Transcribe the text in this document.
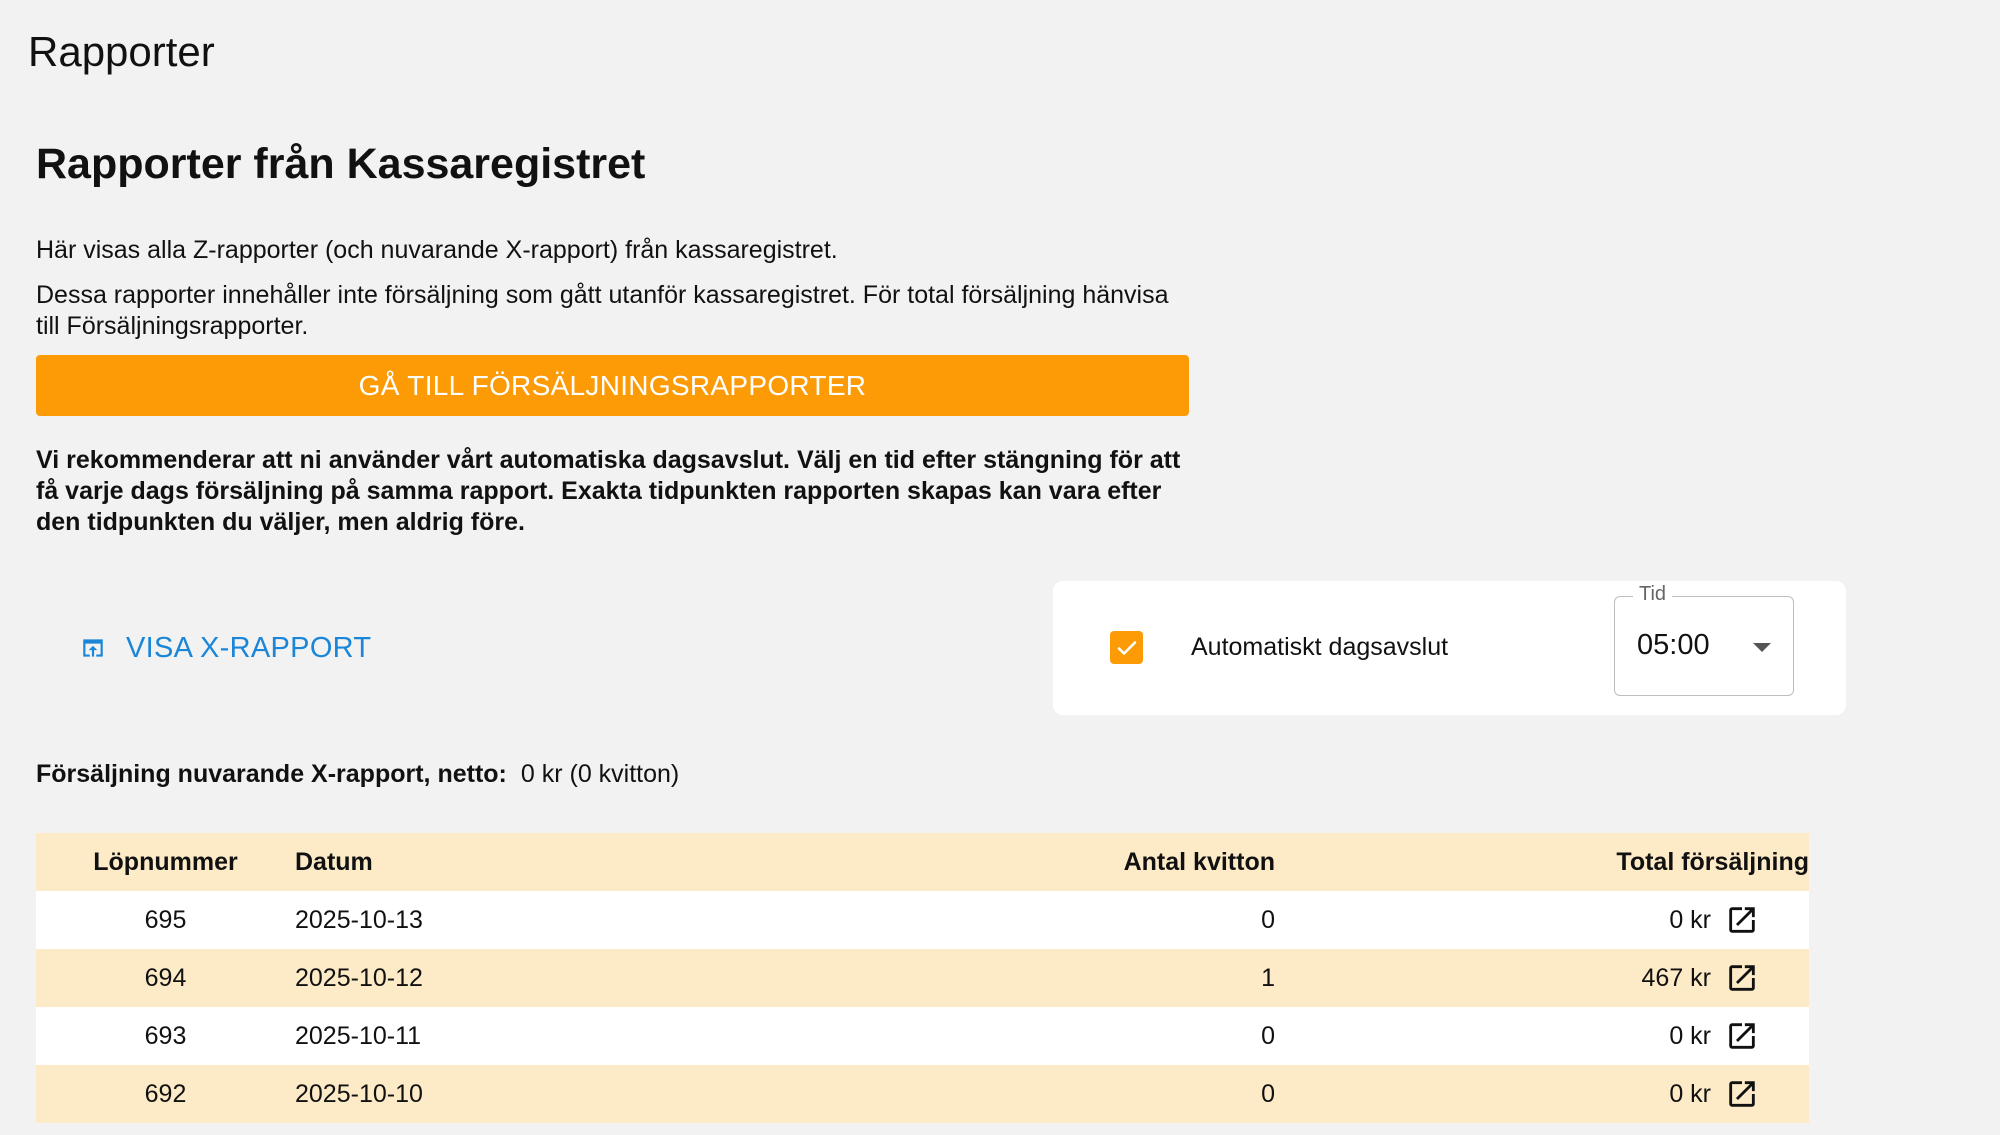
Rapporter
Rapporter från Kassaregistret

Här visas alla Z-rapporter (och nuvarande X-rapport) från kassaregistret.

Dessa rapporter innehåller inte försäljning som gått utanför kassaregistret. För total försäljning hänvisa till Försäljningsrapporter.

GÅ TILL FÖRSÄLJNINGSRAPPORTER

Vi rekommenderar att ni använder vårt automatiska dagsavslut. Välj en tid efter stängning för att få varje dags försäljning på samma rapport. Exakta tidpunkten rapporten skapas kan vara efter den tidpunkten du väljer, men aldrig före.

VISA X-RAPPORT	Automatiskt dagsavslut
Tid
05:00
Försäljning nuvarande X-rapport, netto: 0 kr (0 kvitton)
Löpnummer	Datum	Antal kvitton	Total försäljning
695	2025-10-13	0	0 kr

694	2025-10-12	1	467 kr

693	2025-10-11	0	0 kr

692	2025-10-10	0	0 kr
